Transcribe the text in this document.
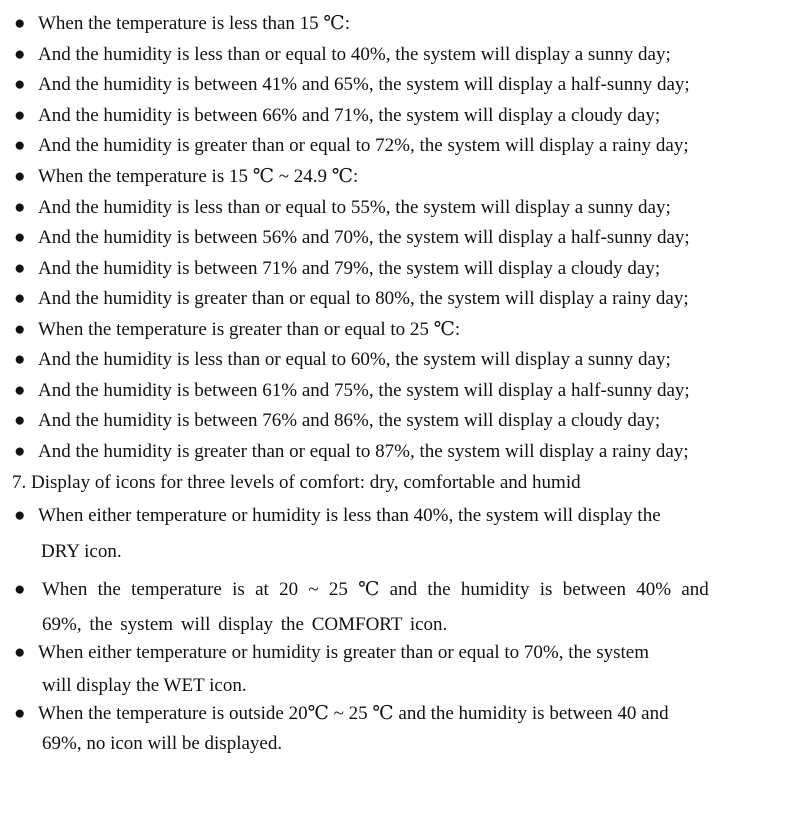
● When the temperature is less than 15 ℃:
● And the humidity is less than or equal to 40%, the system will display a sunny day;
● And the humidity is between 41% and 65%, the system will display a half-sunny day;
● And the humidity is between 66% and 71%, the system will display a cloudy day;
● And the humidity is greater than or equal to 72%, the system will display a rainy day;
● When the temperature is 15 ℃ ~ 24.9 ℃:
● And the humidity is less than or equal to 55%, the system will display a sunny day;
● And the humidity is between 56% and 70%, the system will display a half-sunny day;
● And the humidity is between 71% and 79%, the system will display a cloudy day;
● And the humidity is greater than or equal to 80%, the system will display a rainy day;
● When the temperature is greater than or equal to 25 ℃:
● And the humidity is less than or equal to 60%, the system will display a sunny day;
● And the humidity is between 61% and 75%, the system will display a half-sunny day;
● And the humidity is between 76% and 86%, the system will display a cloudy day;
● And the humidity is greater than or equal to 87%, the system will display a rainy day;
7. Display of icons for three levels of comfort: dry, comfortable and humid
● When either temperature or humidity is less than 40%, the system will display the
DRY icon.
● When the temperature is at 20 ~ 25 ℃ and the humidity is between 40% and
69%, the system will display the COMFORT icon.
● When either temperature or humidity is greater than or equal to 70%, the system
will display the WET icon.
● When the temperature is outside 20℃ ~ 25 ℃ and the humidity is between 40 and
69%, no icon will be displayed.
